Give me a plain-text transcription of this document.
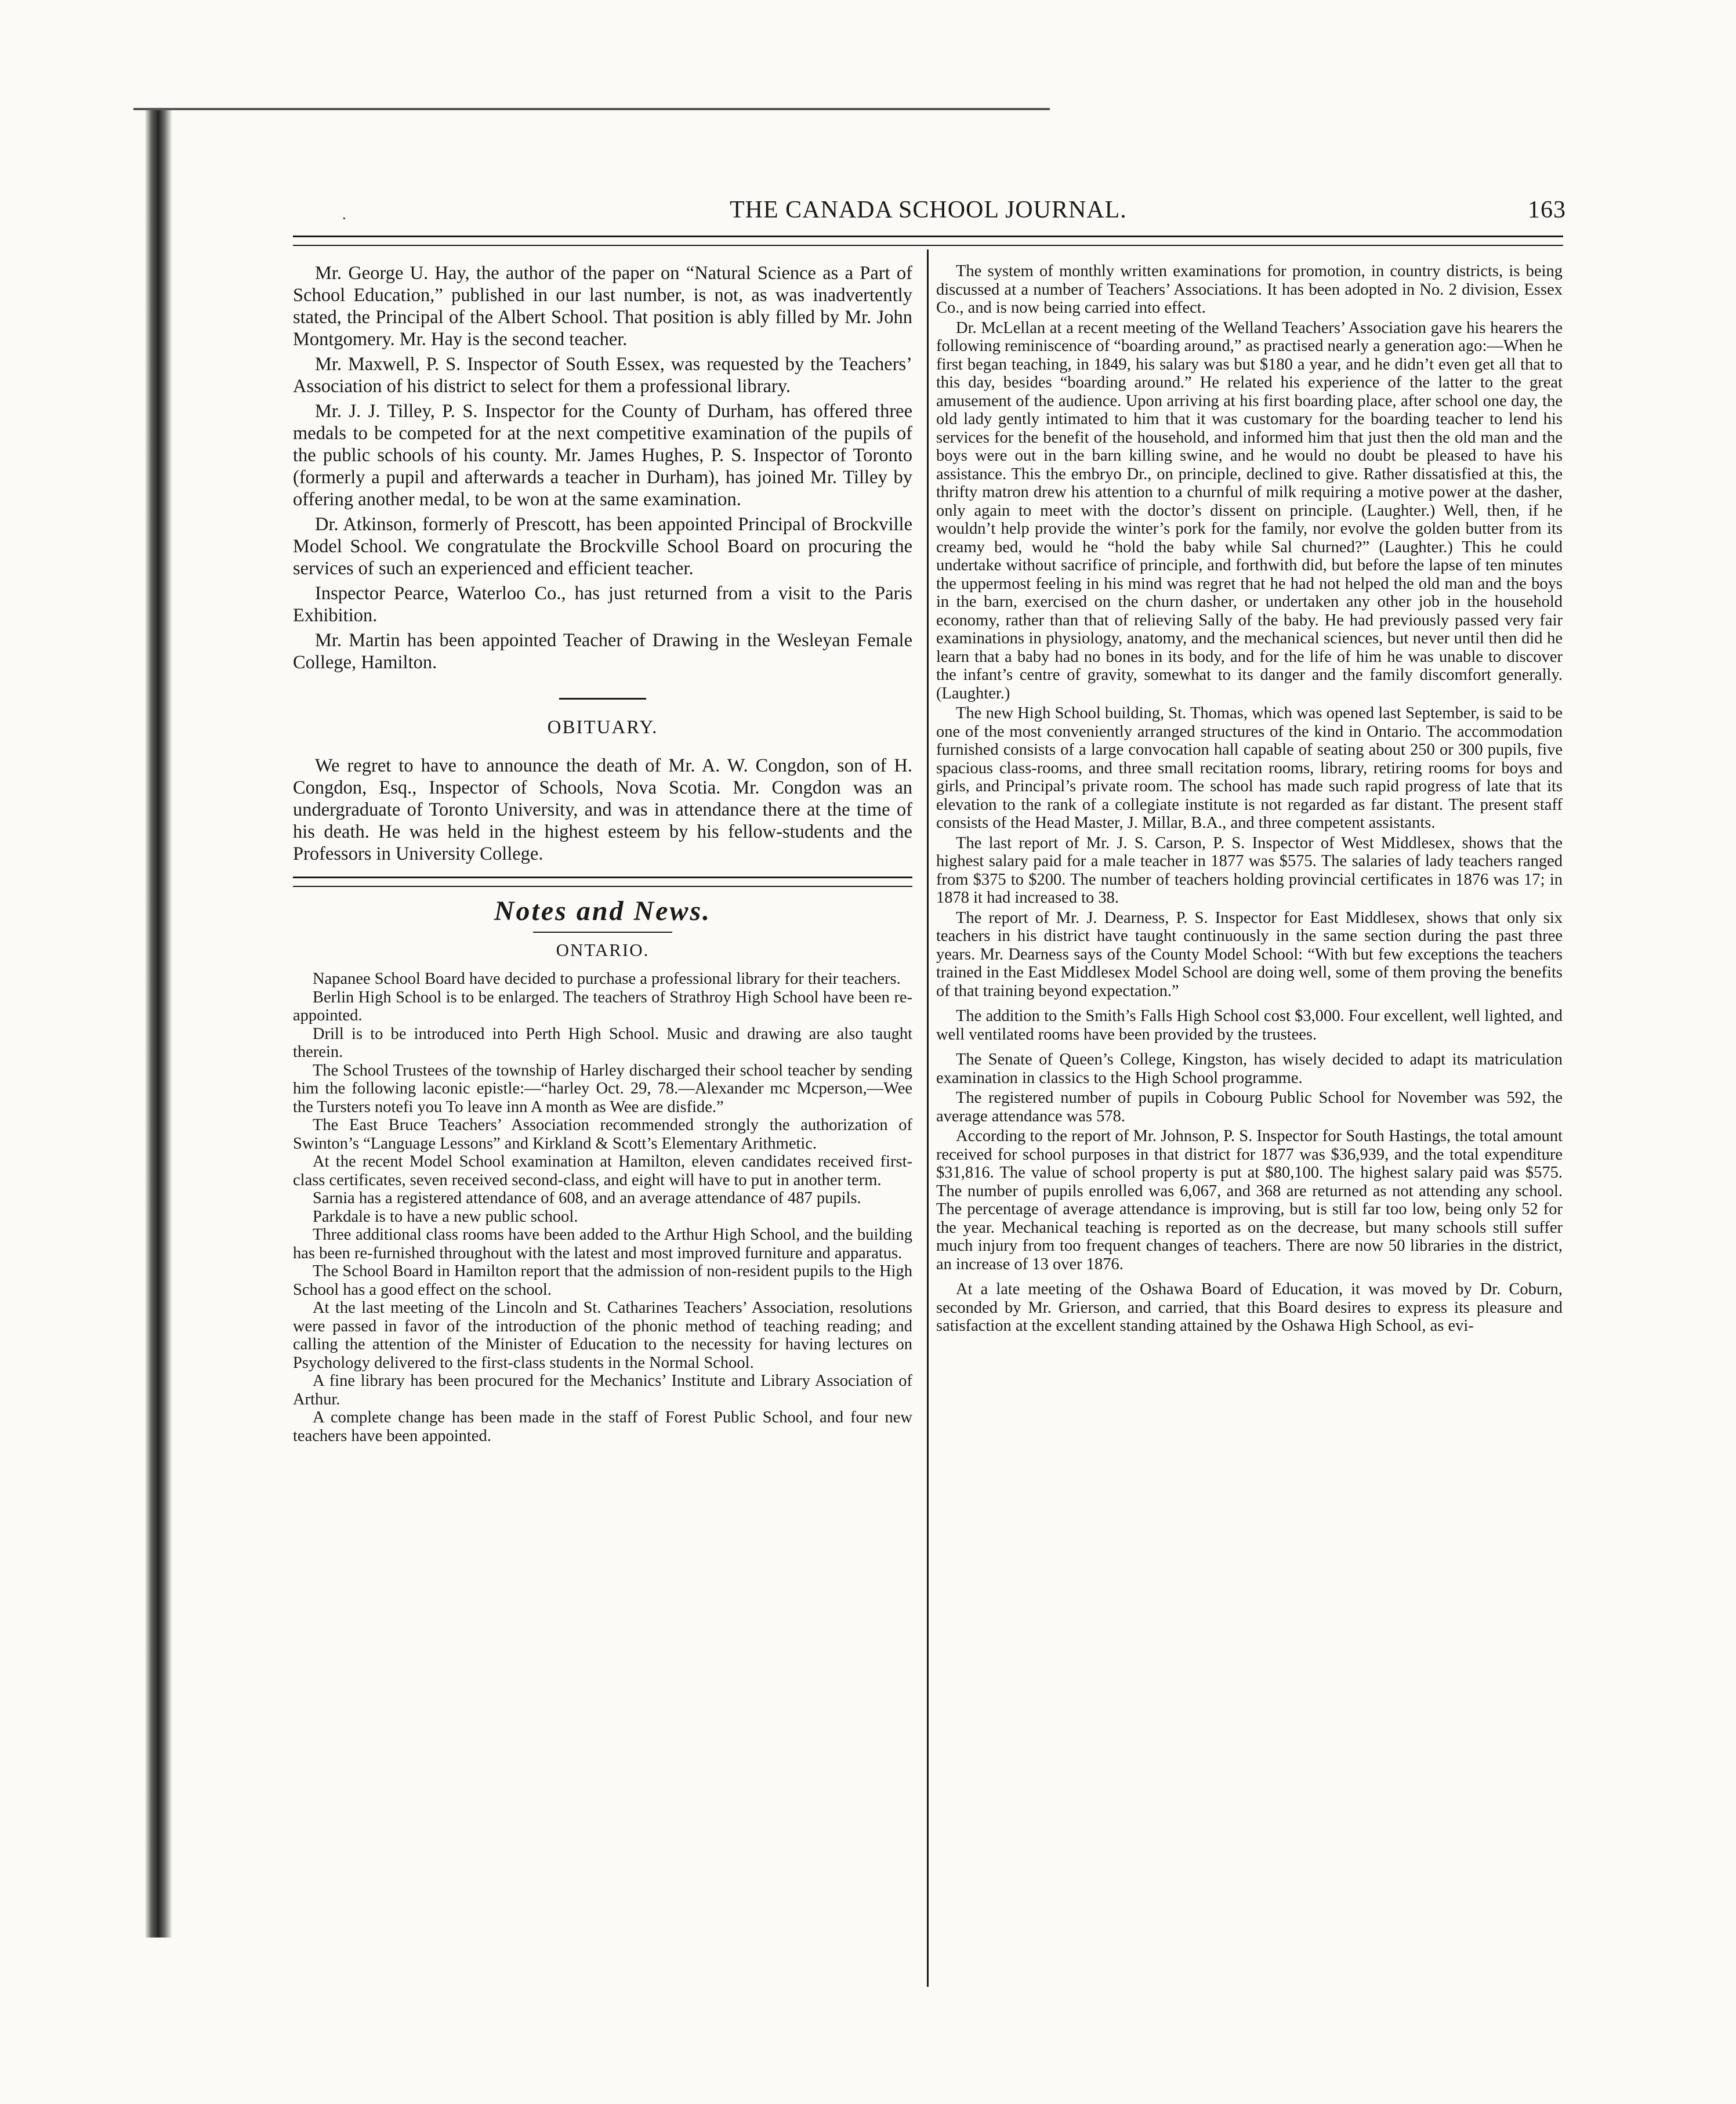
·	THE CANADA SCHOOL JOURNAL.	163

Mr. George U. Hay, the author of the paper on “Natural Science as a Part of School Education,” published in our last number, is not, as was inadvertently stated, the Principal of the Albert School. That position is ably filled by Mr. John Montgomery. Mr. Hay is the second teacher.

Mr. Maxwell, P. S. Inspector of South Essex, was requested by the Teachers’ Association of his district to select for them a professional library.

Mr. J. J. Tilley, P. S. Inspector for the County of Durham, has offered three medals to be competed for at the next competitive examination of the pupils of the public schools of his county. Mr. James Hughes, P. S. Inspector of Toronto (formerly a pupil and afterwards a teacher in Durham), has joined Mr. Tilley by offering another medal, to be won at the same examination.

Dr. Atkinson, formerly of Prescott, has been appointed Principal of Brockville Model School. We congratulate the Brockville School Board on procuring the services of such an experienced and efficient teacher.

Inspector Pearce, Waterloo Co., has just returned from a visit to the Paris Exhibition.

Mr. Martin has been appointed Teacher of Drawing in the Wesleyan Female College, Hamilton.

OBITUARY.

We regret to have to announce the death of Mr. A. W. Congdon, son of H. Congdon, Esq., Inspector of Schools, Nova Scotia. Mr. Congdon was an undergraduate of Toronto University, and was in attendance there at the time of his death. He was held in the highest esteem by his fellow-students and the Professors in University College.

Notes and News.
ONTARIO.

Napanee School Board have decided to purchase a professional library for their teachers.

Berlin High School is to be enlarged. The teachers of Strathroy High School have been re-appointed.

Drill is to be introduced into Perth High School. Music and drawing are also taught therein.

The School Trustees of the township of Harley discharged their school teacher by sending him the following laconic epistle:—“harley Oct. 29, 78.—Alexander mc Mcperson,—Wee the Tursters notefi you To leave inn A month as Wee are disfide.”

The East Bruce Teachers’ Association recommended strongly the authorization of Swinton’s “Language Lessons” and Kirkland & Scott’s Elementary Arithmetic.

At the recent Model School examination at Hamilton, eleven candidates received first-class certificates, seven received second-class, and eight will have to put in another term.

Sarnia has a registered attendance of 608, and an average attendance of 487 pupils.

Parkdale is to have a new public school.

Three additional class rooms have been added to the Arthur High School, and the building has been re-furnished throughout with the latest and most improved furniture and apparatus.

The School Board in Hamilton report that the admission of non-resident pupils to the High School has a good effect on the school.

At the last meeting of the Lincoln and St. Catharines Teachers’ Association, resolutions were passed in favor of the introduction of the phonic method of teaching reading; and calling the attention of the Minister of Education to the necessity for having lectures on Psychology delivered to the first-class students in the Normal School.

A fine library has been procured for the Mechanics’ Institute and Library Association of Arthur.

A complete change has been made in the staff of Forest Public School, and four new teachers have been appointed.

The system of monthly written examinations for promotion, in country districts, is being discussed at a number of Teachers’ Associations. It has been adopted in No. 2 division, Essex Co., and is now being carried into effect.

Dr. McLellan at a recent meeting of the Welland Teachers’ Association gave his hearers the following reminiscence of “boarding around,” as practised nearly a generation ago:—When he first began teaching, in 1849, his salary was but $180 a year, and he didn’t even get all that to this day, besides “boarding around.” He related his experience of the latter to the great amusement of the audience. Upon arriving at his first boarding place, after school one day, the old lady gently intimated to him that it was customary for the boarding teacher to lend his services for the benefit of the household, and informed him that just then the old man and the boys were out in the barn killing swine, and he would no doubt be pleased to have his assistance. This the embryo Dr., on principle, declined to give. Rather dissatisfied at this, the thrifty matron drew his attention to a churnful of milk requiring a motive power at the dasher, only again to meet with the doctor’s dissent on principle. (Laughter.) Well, then, if he wouldn’t help provide the winter’s pork for the family, nor evolve the golden butter from its creamy bed, would he “hold the baby while Sal churned?” (Laughter.) This he could undertake without sacrifice of principle, and forthwith did, but before the lapse of ten minutes the uppermost feeling in his mind was regret that he had not helped the old man and the boys in the barn, exercised on the churn dasher, or undertaken any other job in the household economy, rather than that of relieving Sally of the baby. He had previously passed very fair examinations in physiology, anatomy, and the mechanical sciences, but never until then did he learn that a baby had no bones in its body, and for the life of him he was unable to discover the infant’s centre of gravity, somewhat to its danger and the family discomfort generally. (Laughter.)

The new High School building, St. Thomas, which was opened last September, is said to be one of the most conveniently arranged structures of the kind in Ontario. The accommodation furnished consists of a large convocation hall capable of seating about 250 or 300 pupils, five spacious class-rooms, and three small recitation rooms, library, retiring rooms for boys and girls, and Principal’s private room. The school has made such rapid progress of late that its elevation to the rank of a collegiate institute is not regarded as far distant. The present staff consists of the Head Master, J. Millar, B.A., and three competent assistants.

The last report of Mr. J. S. Carson, P. S. Inspector of West Middlesex, shows that the highest salary paid for a male teacher in 1877 was $575. The salaries of lady teachers ranged from $375 to $200. The number of teachers holding provincial certificates in 1876 was 17; in 1878 it had increased to 38.

The report of Mr. J. Dearness, P. S. Inspector for East Middlesex, shows that only six teachers in his district have taught continuously in the same section during the past three years. Mr. Dearness says of the County Model School: “With but few exceptions the teachers trained in the East Middlesex Model School are doing well, some of them proving the benefits of that training beyond expectation.”

The addition to the Smith’s Falls High School cost $3,000. Four excellent, well lighted, and well ventilated rooms have been provided by the trustees.

The Senate of Queen’s College, Kingston, has wisely decided to adapt its matriculation examination in classics to the High School programme.

The registered number of pupils in Cobourg Public School for November was 592, the average attendance was 578.

According to the report of Mr. Johnson, P. S. Inspector for South Hastings, the total amount received for school purposes in that district for 1877 was $36,939, and the total expenditure $31,816. The value of school property is put at $80,100. The highest salary paid was $575. The number of pupils enrolled was 6,067, and 368 are returned as not attending any school. The percentage of average attendance is improving, but is still far too low, being only 52 for the year. Mechanical teaching is reported as on the decrease, but many schools still suffer much injury from too frequent changes of teachers. There are now 50 libraries in the district, an increase of 13 over 1876.

At a late meeting of the Oshawa Board of Education, it was moved by Dr. Coburn, seconded by Mr. Grierson, and carried, that this Board desires to express its pleasure and satisfaction at the excellent standing attained by the Oshawa High School, as evi-
